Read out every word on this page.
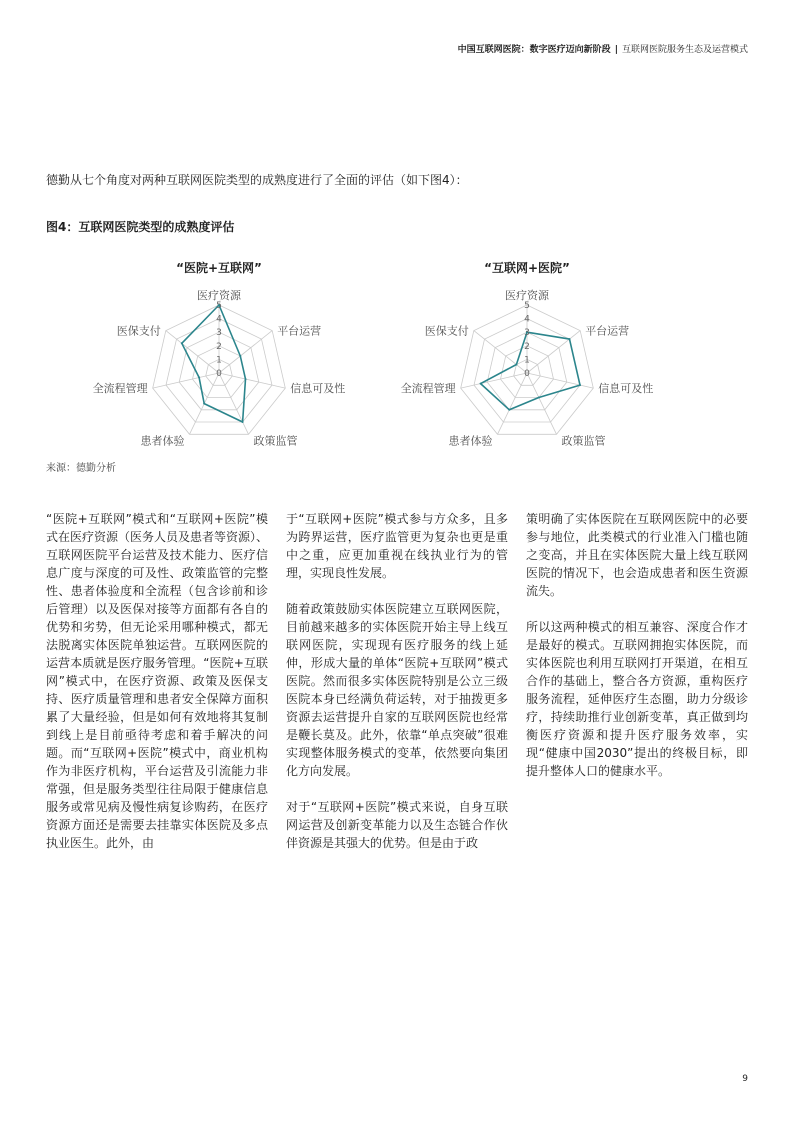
中国互联网医院：数字医疗迈向新阶段 | 互联网医院服务生态及运营模式
德勤从七个角度对两种互联网医院类型的成熟度进行了全面的评估（如下图4）：
图4：互联网医院类型的成熟度评估
“医院+互联网”
0
1
2
3
4
5
医疗资源
平台运营
信息可及性
政策监管
患者体验
全流程管理
医保支付
“互联网+医院”
0
1
2
3
4
5
医疗资源
平台运营
信息可及性
政策监管
患者体验
全流程管理
医保支付
来源：德勤分析

“医院+互联网”模式和“互联网+医院”模式在医疗资源（医务人员及患者等资源）、互联网医院平台运营及技术能力、医疗信息广度与深度的可及性、政策监管的完整性、患者体验度和全流程（包含诊前和诊后管理）以及医保对接等方面都有各自的优势和劣势，但无论采用哪种模式，都无法脱离实体医院单独运营。互联网医院的运营本质就是医疗服务管理。“医院+互联网”模式中，在医疗资源、政策及医保支持、医疗质量管理和患者安全保障方面积累了大量经验，但是如何有效地将其复制到线上是目前亟待考虑和着手解决的问题。而“互联网+医院”模式中，商业机构作为非医疗机构，平台运营及引流能力非常强，但是服务类型往往局限于健康信息服务或常见病及慢性病复诊购药，在医疗资源方面还是需要去挂靠实体医院及多点执业医生。此外，由

于“互联网+医院”模式参与方众多，且多为跨界运营，医疗监管更为复杂也更是重中之重，应更加重视在线执业行为的管理，实现良性发展。

随着政策鼓励实体医院建立互联网医院，目前越来越多的实体医院开始主导上线互联网医院，实现现有医疗服务的线上延伸，形成大量的单体“医院+互联网”模式医院。然而很多实体医院特别是公立三级医院本身已经满负荷运转，对于抽拨更多资源去运营提升自家的互联网医院也经常是鞭长莫及。此外，依靠“单点突破”很难实现整体服务模式的变革，依然要向集团化方向发展。

对于“互联网+医院”模式来说，自身互联网运营及创新变革能力以及生态链合作伙伴资源是其强大的优势。但是由于政

策明确了实体医院在互联网医院中的必要参与地位，此类模式的行业准入门槛也随之变高，并且在实体医院大量上线互联网医院的情况下，也会造成患者和医生资源流失。

所以这两种模式的相互兼容、深度合作才是最好的模式。互联网拥抱实体医院，而实体医院也利用互联网打开渠道，在相互合作的基础上，整合各方资源，重构医疗服务流程，延伸医疗生态圈，助力分级诊疗，持续助推行业创新变革，真正做到均衡医疗资源和提升医疗服务效率，实现“健康中国2030”提出的终极目标，即提升整体人口的健康水平。

9
